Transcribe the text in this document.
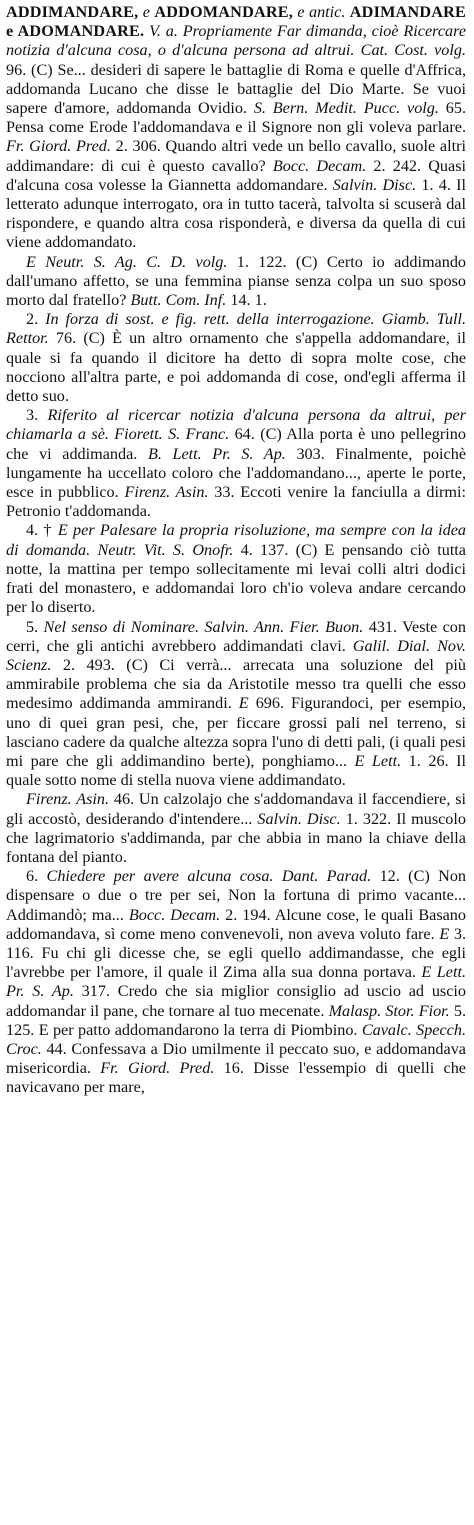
ADDIMANDARE, e ADDOMANDARE, e antic. ADIMANDARE e ADOMANDARE. V. a. Propriamente Far dimanda, cioè Ricercare notizia d'alcuna cosa, o d'alcuna persona ad altrui. Cat. Cost. volg. 96. (C) Se... desideri di sapere le battaglie di Roma e quelle d'Affrica, addomanda Lucano che disse le battaglie del Dio Marte. Se vuoi sapere d'amore, addomanda Ovidio. S. Bern. Medit. Pucc. volg. 65. Pensa come Erode l'addomandava e il Signore non gli voleva parlare. Fr. Giord. Pred. 2. 306. Quando altri vede un bello cavallo, suole altri addimandare: di cui è questo cavallo? Bocc. Decam. 2. 242. Quasi d'alcuna cosa volesse la Giannetta addomandare. Salvin. Disc. 1. 4. Il letterato adunque interrogato, ora in tutto tacerà, talvolta si scuserà dal rispondere, e quando altra cosa risponderà, e diversa da quella di cui viene addomandato.

E Neutr. S. Ag. C. D. volg. 1. 122. (C) Certo io addimando dall'umano affetto, se una femmina pianse senza colpa un suo sposo morto dal fratello? Butt. Com. Inf. 14. 1.

2. In forza di sost. e fig. rett. della interrogazione. Giamb. Tull. Rettor. 76. (C) È un altro ornamento che s'appella addomandare, il quale si fa quando il dicitore ha detto di sopra molte cose, che nocciono all'altra parte, e poi addomanda di cose, ond'egli afferma il detto suo.

3. Riferito al ricercar notizia d'alcuna persona da altrui, per chiamarla a sè. Fiorett. S. Franc. 64. (C) Alla porta è uno pellegrino che vi addimanda. B. Lett. Pr. S. Ap. 303. Finalmente, poichè lungamente ha uccellato coloro che l'addomandano..., aperte le porte, esce in pubblico. Firenz. Asin. 33. Eccoti venire la fanciulla a dirmi: Petronio t'addomanda.

4. † E per Palesare la propria risoluzione, ma sempre con la idea di domanda. Neutr. Vit. S. Onofr. 4. 137. (C) E pensando ciò tutta notte, la mattina per tempo sollecitamente mi levai colli altri dodici frati del monastero, e addomandai loro ch'io voleva andare cercando per lo diserto.

5. Nel senso di Nominare. Salvin. Ann. Fier. Buon. 431. Veste con cerri, che gli antichi avrebbero addimandati clavi. Galil. Dial. Nov. Scienz. 2. 493. (C) Ci verrà... arrecata una soluzione del più ammirabile problema che sia da Aristotile messo tra quelli che esso medesimo addimanda ammirandi. E 696. Figurandoci, per esempio, uno di quei gran pesi, che, per ficcare grossi pali nel terreno, si lasciano cadere da qualche altezza sopra l'uno di detti pali, (i quali pesi mi pare che gli addimandino berte), ponghiamo... E Lett. 1. 26. Il quale sotto nome di stella nuova viene addimandato.

Firenz. Asin. 46. Un calzolajo che s'addomandava il faccendiere, si gli accostò, desiderando d'intendere... Salvin. Disc. 1. 322. Il muscolo che lagrimatorio s'addimanda, par che abbia in mano la chiave della fontana del pianto.

6. Chiedere per avere alcuna cosa. Dant. Parad. 12. (C) Non dispensare o due o tre per sei, Non la fortuna di primo vacante... Addimandò; ma... Bocc. Decam. 2. 194. Alcune cose, le quali Basano addomandava, sì come meno convenevoli, non aveva voluto fare. E 3. 116. Fu chi gli dicesse che, se egli quello addimandasse, che egli l'avrebbe per l'amore, il quale il Zima alla sua donna portava. E Lett. Pr. S. Ap. 317. Credo che sia miglior consiglio ad uscio ad uscio addomandar il pane, che tornare al tuo mecenate. Malasp. Stor. Fior. 5. 125. E per patto addomandarono la terra di Piombino. Cavalc. Specch. Croc. 44. Confessava a Dio umilmente il peccato suo, e addomandava misericordia. Fr. Giord. Pred. 16. Disse l'essempio di quelli che navicavano per mare,
